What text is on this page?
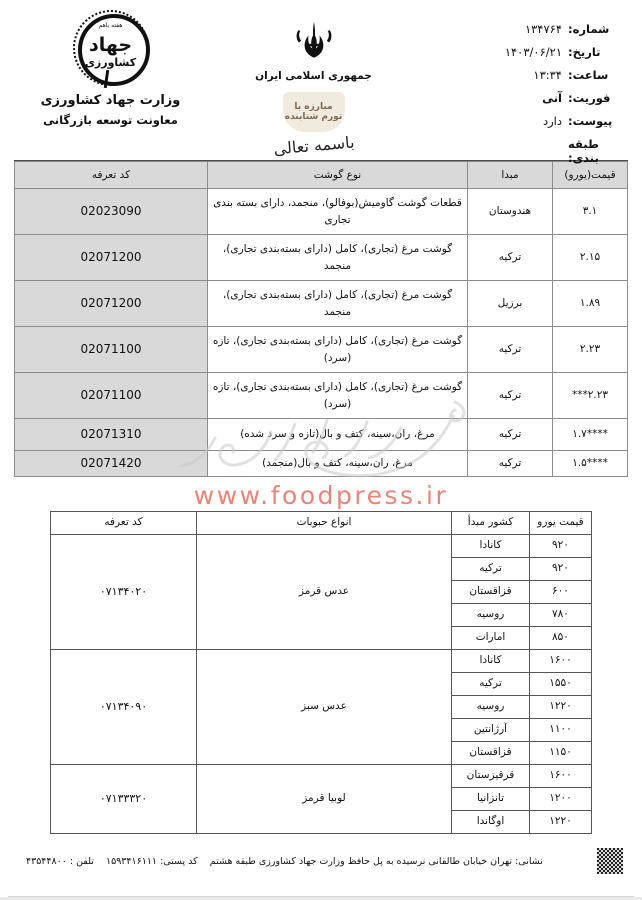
شماره:
۱۳۴۷۶۴
تاریخ:
۱۴۰۳/۰۶/۲۱
ساعت:
۱۳:۳۴
فوریت:
آنی
پیوست:
دارد
طبقه بندی:
جمهوری اسلامی ایران
مبارزه با تورم شتابنده
باسمه تعالی
هفته باهم
جهاد
کشاورزی
وزارت جهاد کشاورزی
معاونت توسعه بازرگانی
قیمت(یورو)	مبدا	نوع گوشت	کد تعرفه
۳.۱	هندوستان	قطعات گوشت گاومیش(بوفالو)، منجمد، دارای بسته بندی تجاری	02023090
۲.۱۵	ترکیه	گوشت مرغ (تجاری)، کامل (دارای بسته‌بندی تجاری)، منجمد	02071200
۱.۸۹	برزیل	گوشت مرغ (تجاری)، کامل (دارای بسته‌بندی تجاری)، منجمد	02071200
۲.۲۳	ترکیه	گوشت مرغ (تجاری)، کامل (دارای بسته‌بندی تجاری)، تازه (سرد)	02071100
۲.۲۳***	ترکیه	گوشت مرغ (تجاری)، کامل (دارای بسته‌بندی تجاری)، تازه (سرد)	02071100
****۱.۷	ترکیه	مرغ، ران،سینه، کتف و بال(تازه و سرد شده)	02071310
****۱.۵	ترکیه	مرغ، ران،سینه، کتف و بال(منجمد)	02071420
قیمت یورو	کشور مبدأ	انواع حبوبات	کد تعرفه
۹۲۰	کانادا	عدس قرمز	۰۷۱۳۴۰۲۰
۹۲۰	ترکیه		
۶۰۰	قزاقستان		
۷۸۰	روسیه		
۸۵۰	امارات		
۱۶۰۰	کانادا	عدس سبز	۰۷۱۳۴۰۹۰
۱۵۵۰	ترکیه		
۱۲۲۰	روسیه		
۱۱۰۰	آرژانتین		
۱۱۵۰	قزاقستان		
۱۶۰۰	قرقیزستان	لوبیا قرمز	۰۷۱۳۳۳۲۰
۱۲۰۰	تانزانیا		
۱۲۲۰	اوگاندا		
www.foodpress.ir
نشانی: تهران خیابان طالقانی نرسیده به پل حافظ وزارت جهاد کشاورزی طبقه هشتم    کد پستی: ۱۵۹۳۴۱۶۱۱۱    تلفن : ۴۳۵۴۴۸۰۰
